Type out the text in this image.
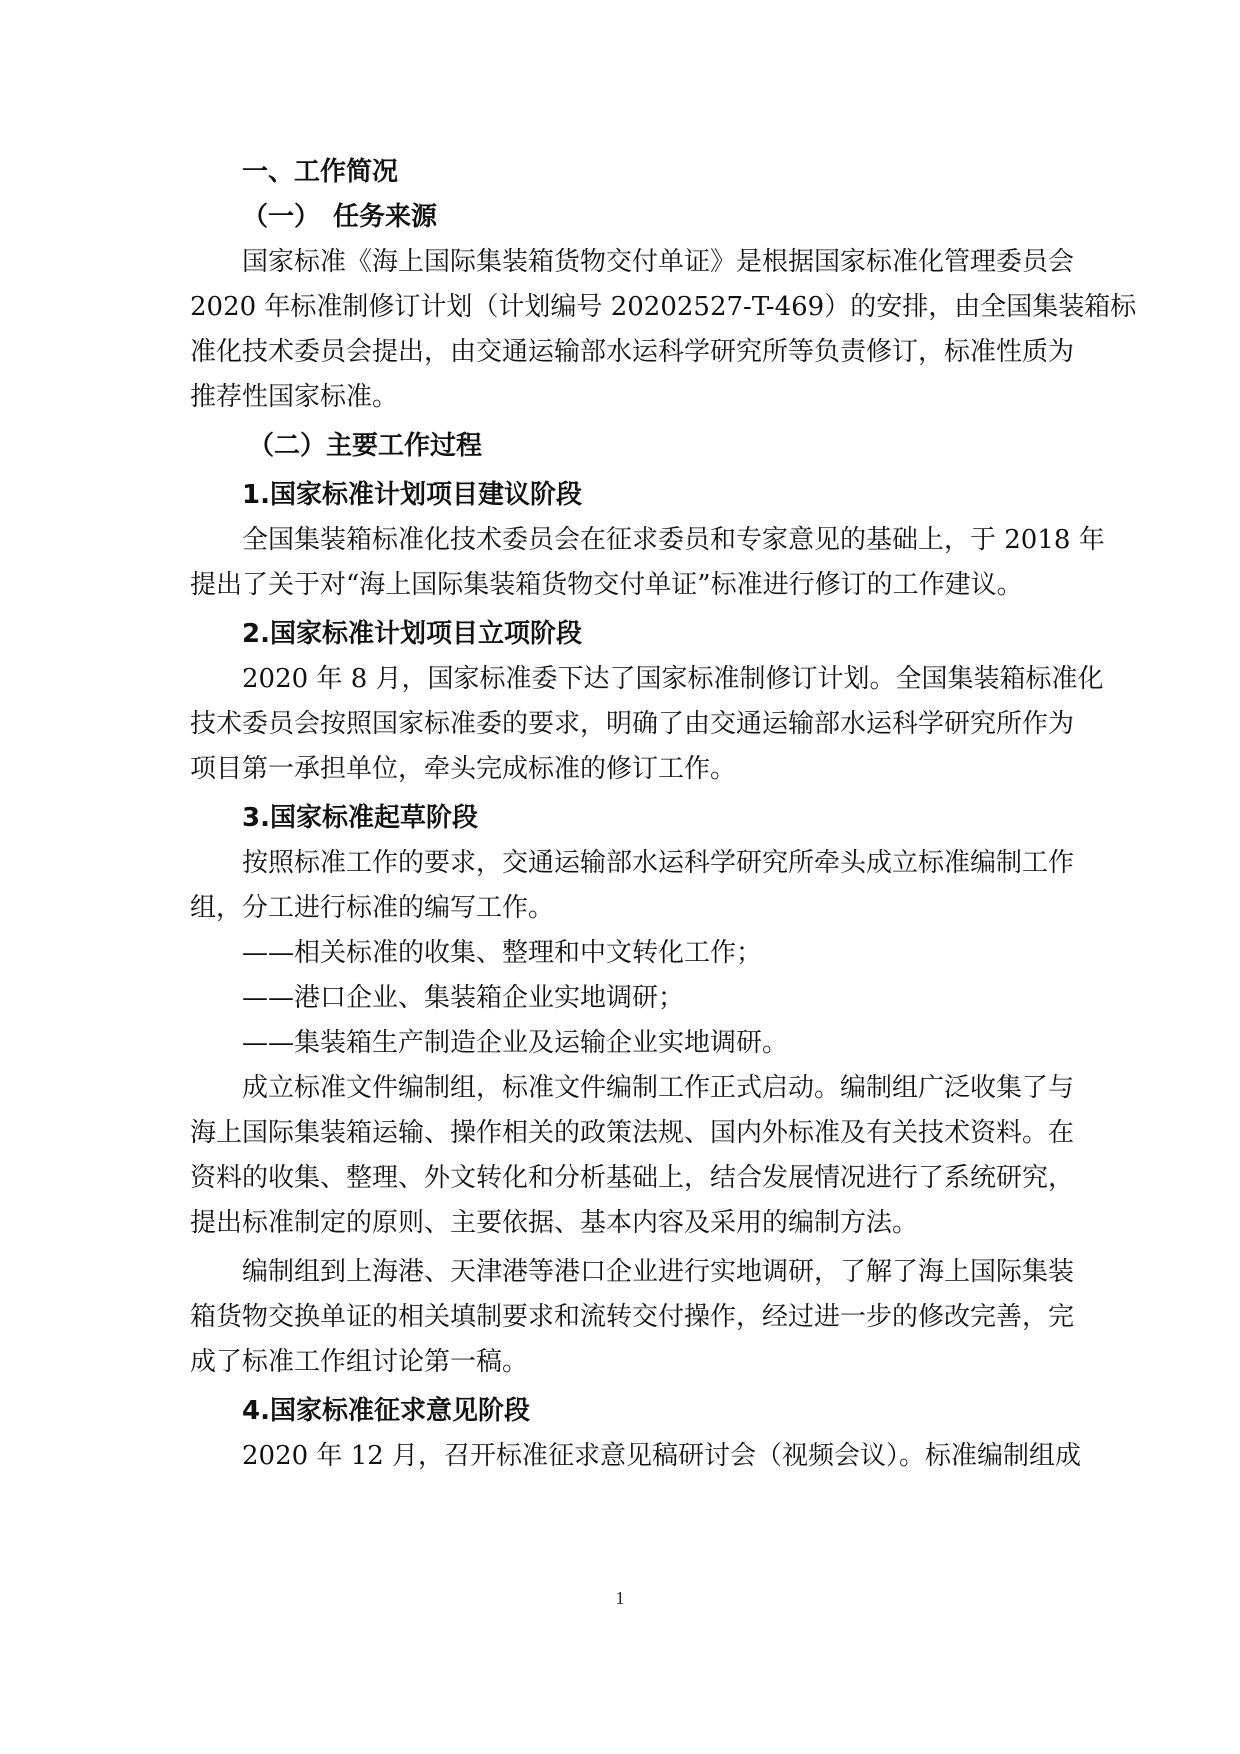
一、工作简况

（一）　任务来源

国家标准《海上国际集装箱货物交付单证》是根据国家标准化管理委员会

2020 年标准制修订计划（计划编号 20202527-T-469）的安排，由全国集装箱标

准化技术委员会提出，由交通运输部水运科学研究所等负责修订，标准性质为

推荐性国家标准。

（二）主要工作过程

1.国家标准计划项目建议阶段

全国集装箱标准化技术委员会在征求委员和专家意见的基础上，于 2018 年

提出了关于对“海上国际集装箱货物交付单证”标准进行修订的工作建议。

2.国家标准计划项目立项阶段

2020 年 8 月，国家标准委下达了国家标准制修订计划。全国集装箱标准化

技术委员会按照国家标准委的要求，明确了由交通运输部水运科学研究所作为

项目第一承担单位，牵头完成标准的修订工作。

3.国家标准起草阶段

按照标准工作的要求，交通运输部水运科学研究所牵头成立标准编制工作

组，分工进行标准的编写工作。

——相关标准的收集、整理和中文转化工作；

——港口企业、集装箱企业实地调研；

——集装箱生产制造企业及运输企业实地调研。

成立标准文件编制组，标准文件编制工作正式启动。编制组广泛收集了与

海上国际集装箱运输、操作相关的政策法规、国内外标准及有关技术资料。在

资料的收集、整理、外文转化和分析基础上，结合发展情况进行了系统研究，

提出标准制定的原则、主要依据、基本内容及采用的编制方法。

编制组到上海港、天津港等港口企业进行实地调研，了解了海上国际集装

箱货物交换单证的相关填制要求和流转交付操作，经过进一步的修改完善，完

成了标准工作组讨论第一稿。

4.国家标准征求意见阶段

2020 年 12 月，召开标准征求意见稿研讨会（视频会议）。标准编制组成

1
